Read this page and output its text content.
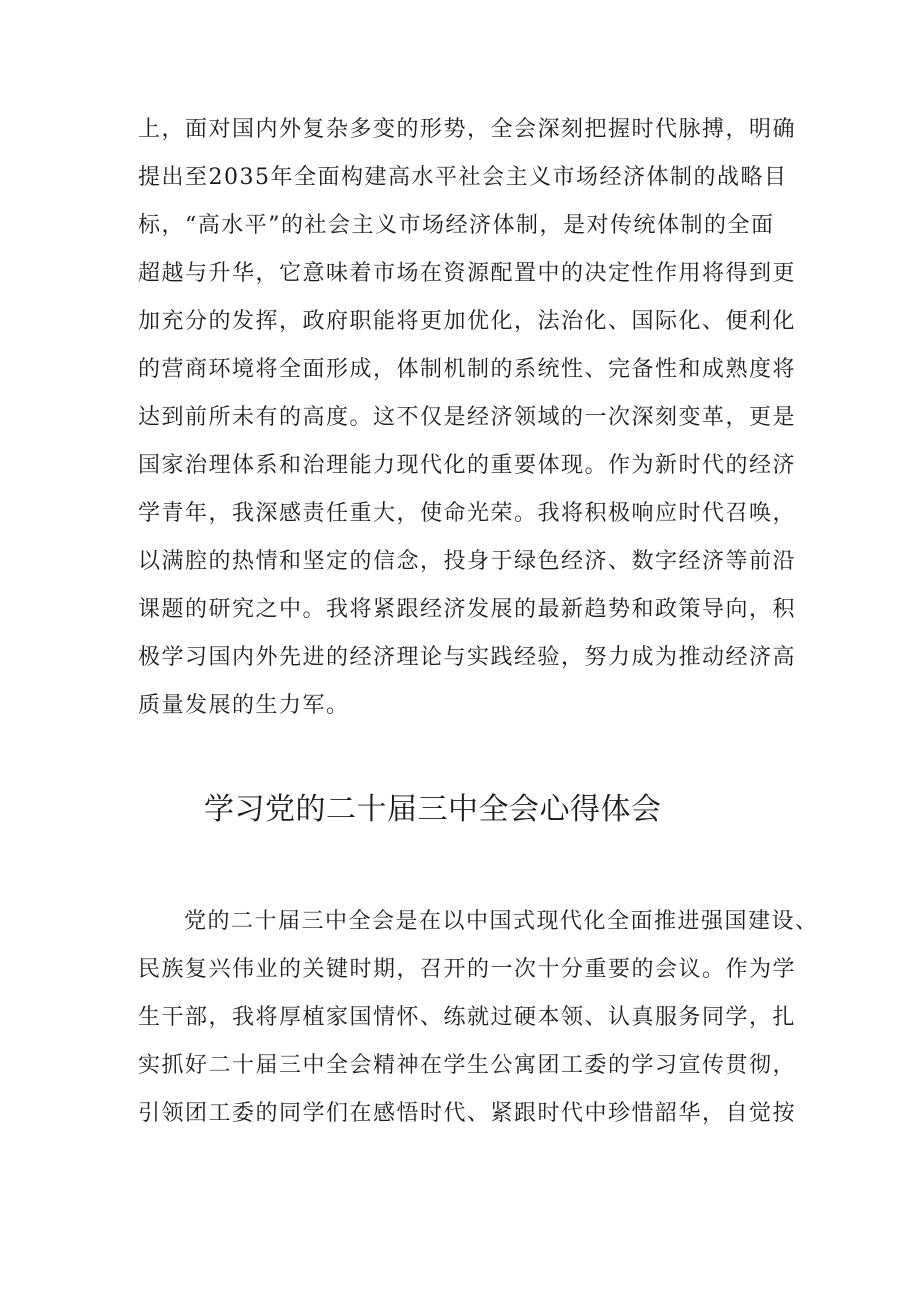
上，面对国内外复杂多变的形势，全会深刻把握时代脉搏，明确
提出至2035年全面构建高水平社会主义市场经济体制的战略目
标，“高水平”的社会主义市场经济体制，是对传统体制的全面
超越与升华，它意味着市场在资源配置中的决定性作用将得到更
加充分的发挥，政府职能将更加优化，法治化、国际化、便利化
的营商环境将全面形成，体制机制的系统性、完备性和成熟度将
达到前所未有的高度。这不仅是经济领域的一次深刻变革，更是
国家治理体系和治理能力现代化的重要体现。作为新时代的经济
学青年，我深感责任重大，使命光荣。我将积极响应时代召唤，
以满腔的热情和坚定的信念，投身于绿色经济、数字经济等前沿
课题的研究之中。我将紧跟经济发展的最新趋势和政策导向，积
极学习国内外先进的经济理论与实践经验，努力成为推动经济高
质量发展的生力军。
学习党的二十届三中全会心得体会
党的二十届三中全会是在以中国式现代化全面推进强国建设、
民族复兴伟业的关键时期，召开的一次十分重要的会议。作为学
生干部，我将厚植家国情怀、练就过硬本领、认真服务同学，扎
实抓好二十届三中全会精神在学生公寓团工委的学习宣传贯彻，
引领团工委的同学们在感悟时代、紧跟时代中珍惜韶华，自觉按
